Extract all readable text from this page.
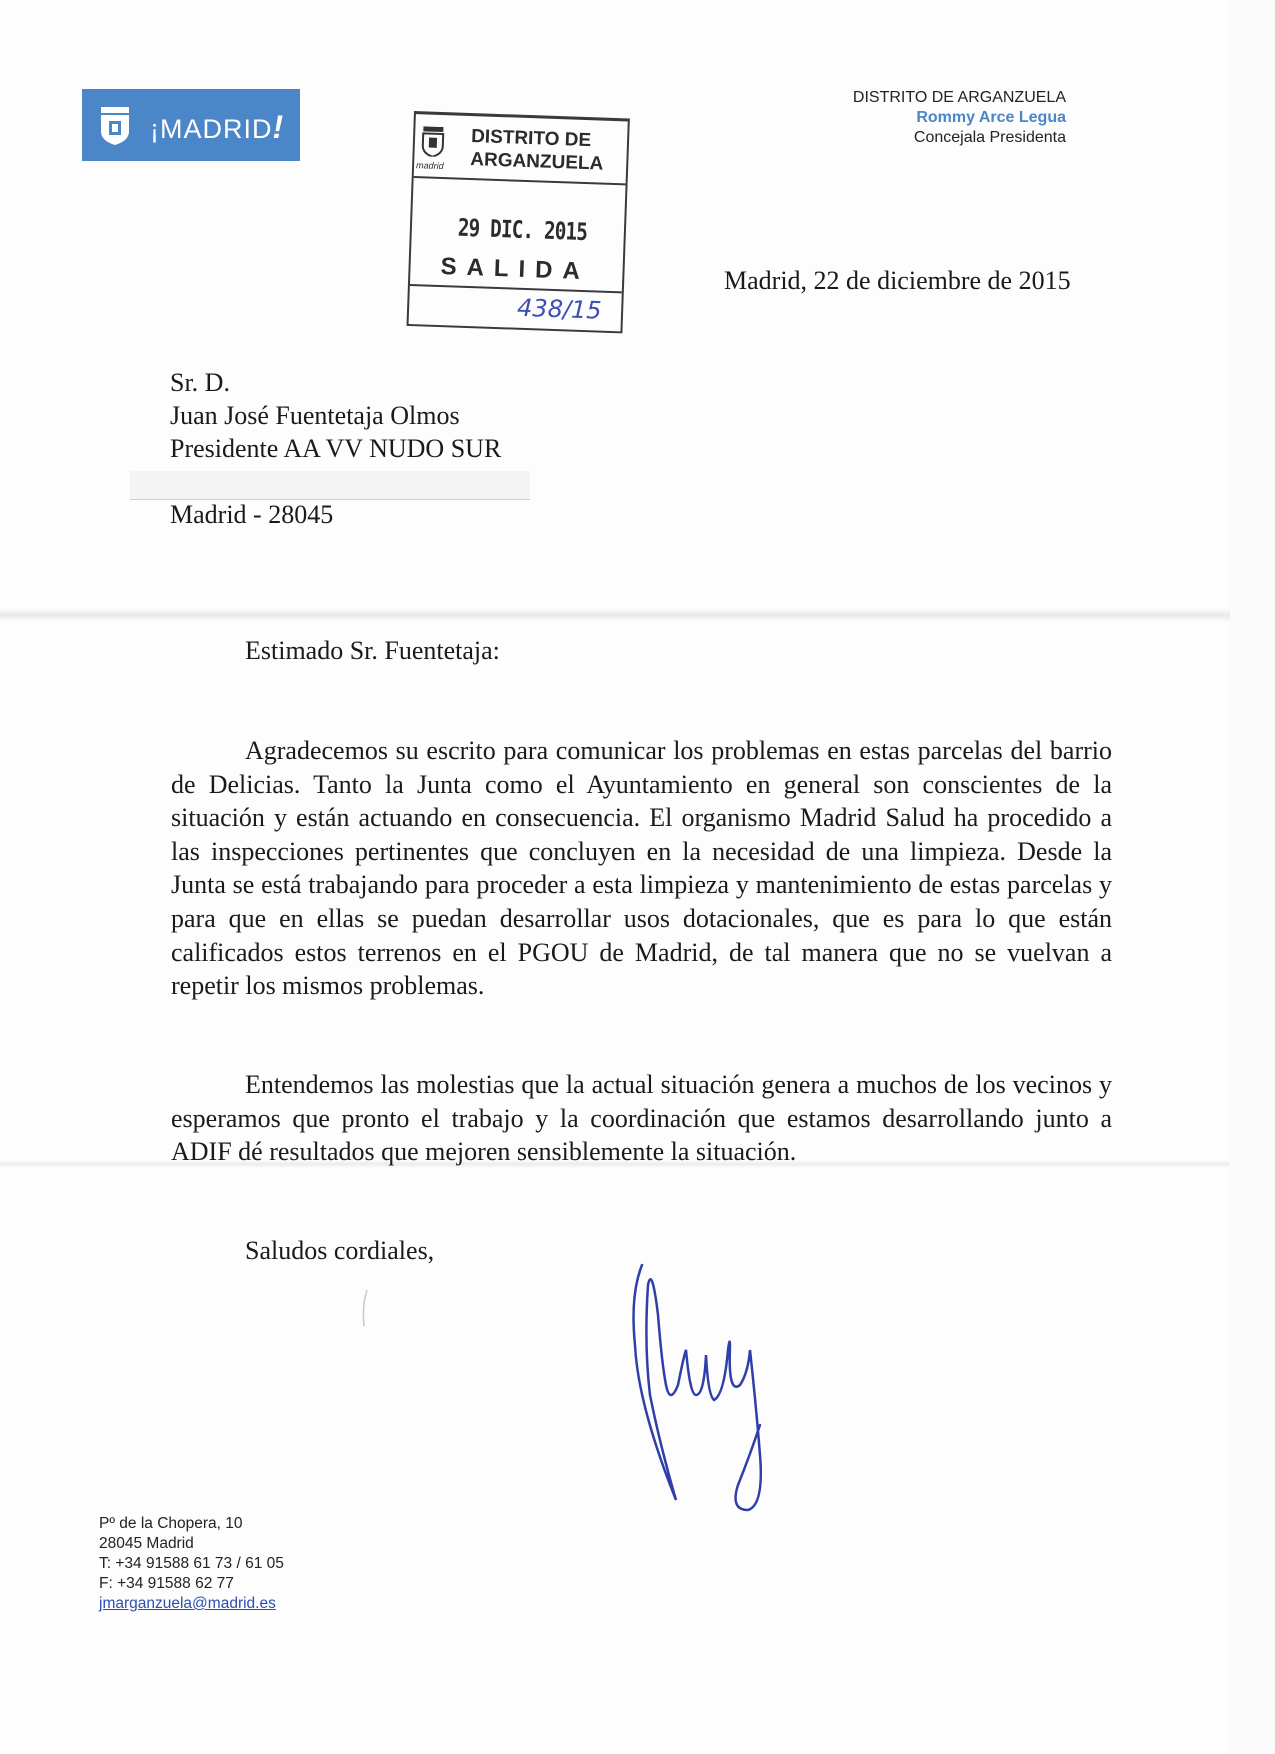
¡MADRID!
madrid
DISTRITO DE
ARGANZUELA
29 DIC. 2015
SALIDA
438/15
DISTRITO DE ARGANZUELA
Rommy Arce Legua
Concejala Presidenta
Madrid, 22 de diciembre de 2015
Sr. D.
Juan José Fuentetaja Olmos
Presidente AA VV NUDO SUR
Madrid - 28045
Estimado Sr. Fuentetaja:

Agradecemos su escrito para comunicar los problemas en estas parcelas del barrio de Delicias. Tanto la Junta como el Ayuntamiento en general son conscientes de la situación y están actuando en consecuencia. El organismo Madrid Salud ha procedido a las inspecciones pertinentes que concluyen en la necesidad de una limpieza. Desde la Junta se está trabajando para proceder a esta limpieza y mantenimiento de estas parcelas y para que en ellas se puedan desarrollar usos dotacionales, que es para lo que están calificados estos terrenos en el PGOU de Madrid, de tal manera que no se vuelvan a repetir los mismos problemas.

Entendemos las molestias que la actual situación genera a muchos de los vecinos y esperamos que pronto el trabajo y la coordinación que estamos desarrollando junto a ADIF dé resultados que mejoren sensiblemente la situación.

Saludos cordiales,
Pº de la Chopera, 10
28045 Madrid
T: +34 91588 61 73 / 61 05
F: +34 91588 62 77
jmarganzuela@madrid.es
